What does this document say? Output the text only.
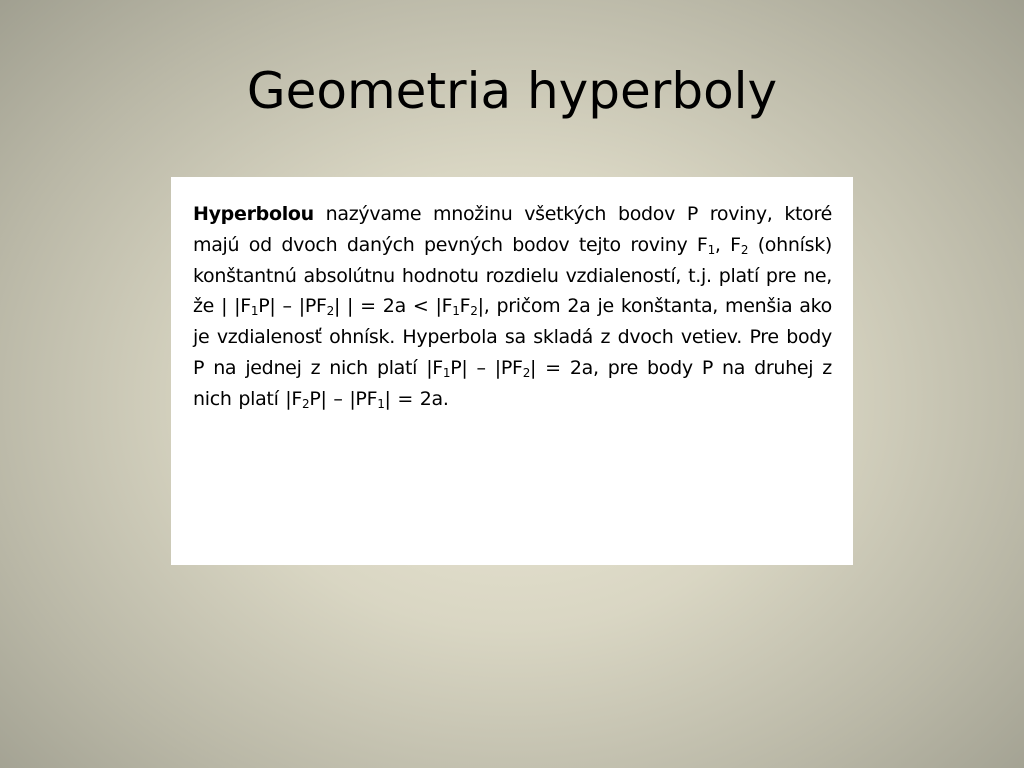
Geometria hyperboly

Hyperbolou nazývame množinu všetkých bodov P roviny, ktoré majú od dvoch daných pevných bodov tejto roviny $F_1$, $F_2$ (ohnísk) konštantnú absolútnu hodnotu rozdielu vzdialeností, t.j. platí pre ne, že | $|F_1P| - |PF_2|$ | = $2a < |F_1F_2|$, pričom 2a je konštanta, menšia ako je vzdialenosť ohnísk. Hyperbola sa skladá z dvoch vetiev. Pre body P na jednej z nich platí $|F_1P| - |PF_2| = 2a$, pre body P na druhej z nich platí $|F_2P| - |PF_1| = 2a$.
